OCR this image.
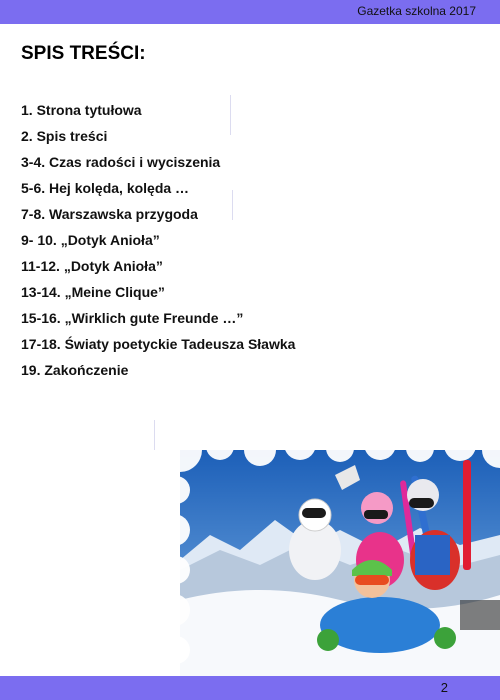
Gazetka szkolna 2017
SPIS TREŚCI:
1. Strona tytułowa
2. Spis treści
3-4. Czas radości i wyciszenia
5-6. Hej kolęda, kolęda …
7-8. Warszawska przygoda
9- 10. „Dotyk Anioła”
11-12. „Dotyk Anioła”
13-14. „Meine Clique”
15-16. „Wirklich gute Freunde …”
17-18. Światy poetyckie Tadeusza Sławka
19. Zakończenie
2
